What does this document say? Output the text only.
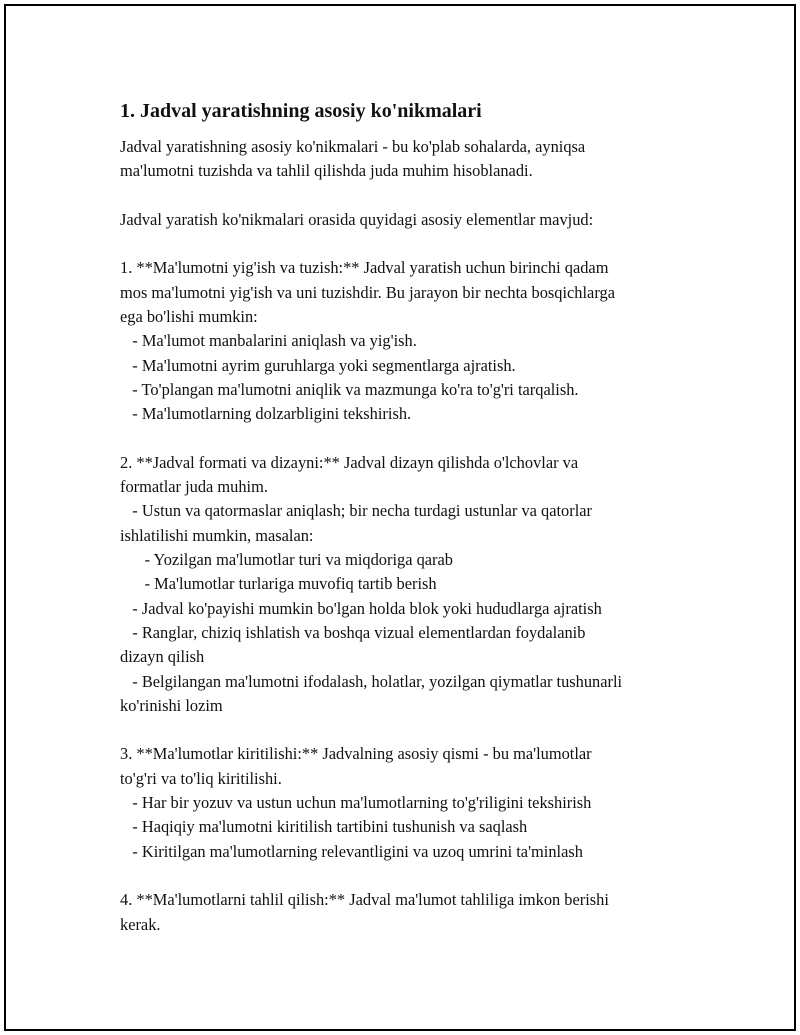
1. Jadval yaratishning asosiy ko'nikmalari

Jadval yaratishning asosiy ko'nikmalari - bu ko'plab sohalarda, ayniqsa
ma'lumotni tuzishda va tahlil qilishda juda muhim hisoblanadi.

Jadval yaratish ko'nikmalari orasida quyidagi asosiy elementlar mavjud:

1. **Ma'lumotni yig'ish va tuzish:** Jadval yaratish uchun birinchi qadam
mos ma'lumotni yig'ish va uni tuzishdir. Bu jarayon bir nechta bosqichlarga
ega bo'lishi mumkin:
- Ma'lumot manbalarini aniqlash va yig'ish.
- Ma'lumotni ayrim guruhlarga yoki segmentlarga ajratish.
- To'plangan ma'lumotni aniqlik va mazmunga ko'ra to'g'ri tarqalish.
- Ma'lumotlarning dolzarbligini tekshirish.

2. **Jadval formati va dizayni:** Jadval dizayn qilishda o'lchovlar va
formatlar juda muhim.
- Ustun va qatormaslar aniqlash; bir necha turdagi ustunlar va qatorlar
ishlatilishi mumkin, masalan:
- Yozilgan ma'lumotlar turi va miqdoriga qarab
- Ma'lumotlar turlariga muvofiq tartib berish
- Jadval ko'payishi mumkin bo'lgan holda blok yoki hududlarga ajratish
- Ranglar, chiziq ishlatish va boshqa vizual elementlardan foydalanib
dizayn qilish
- Belgilangan ma'lumotni ifodalash, holatlar, yozilgan qiymatlar tushunarli
ko'rinishi lozim

3. **Ma'lumotlar kiritilishi:** Jadvalning asosiy qismi - bu ma'lumotlar
to'g'ri va to'liq kiritilishi.
- Har bir yozuv va ustun uchun ma'lumotlarning to'g'riligini tekshirish
- Haqiqiy ma'lumotni kiritilish tartibini tushunish va saqlash
- Kiritilgan ma'lumotlarning relevantligini va uzoq umrini ta'minlash

4. **Ma'lumotlarni tahlil qilish:** Jadval ma'lumot tahliliga imkon berishi
kerak.
